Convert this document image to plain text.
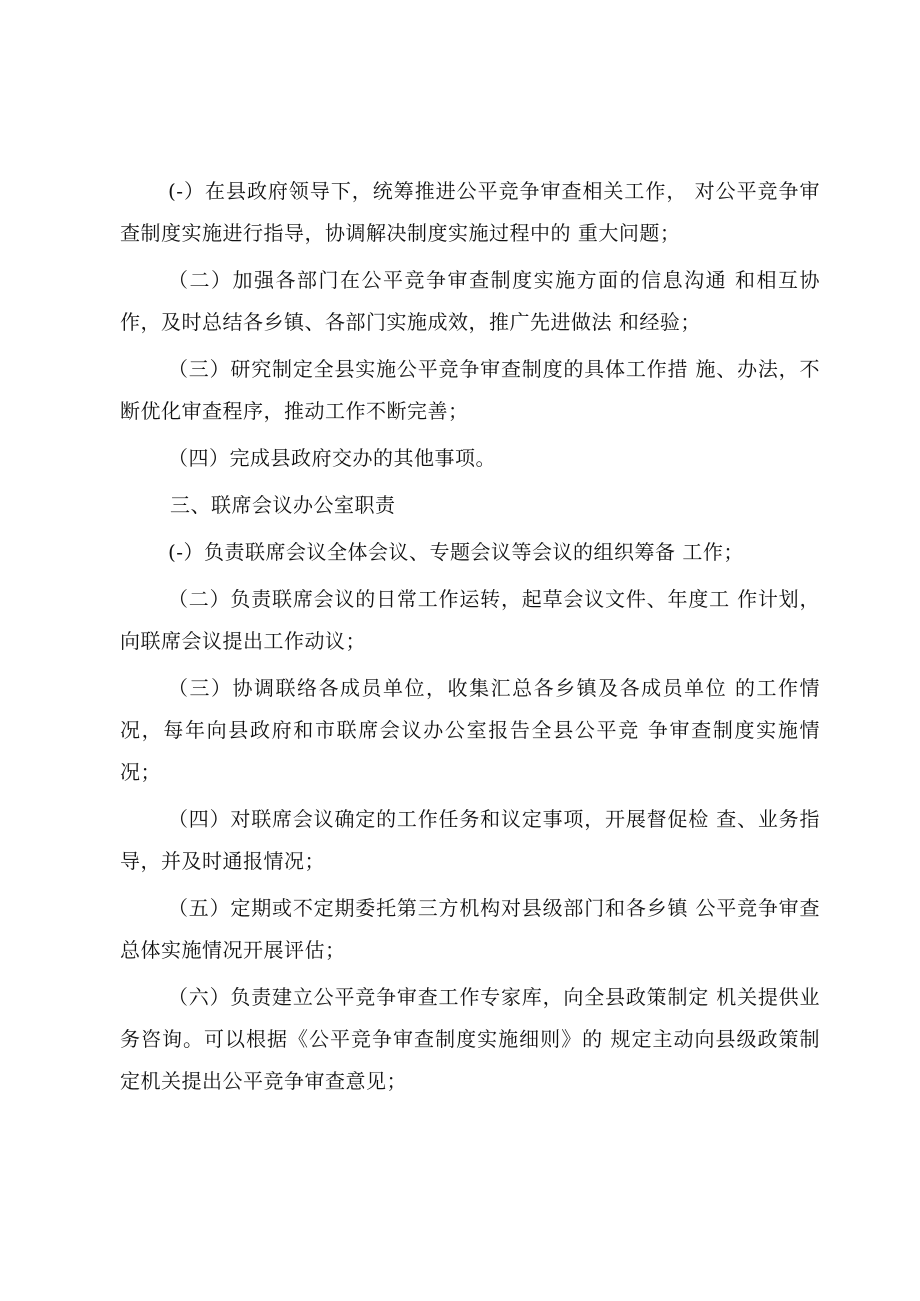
(-）在县政府领导下，统筹推进公平竞争审查相关工作， 对公平竞争审查制度实施进行指导，协调解决制度实施过程中的 重大问题；

（二）加强各部门在公平竞争审查制度实施方面的信息沟通 和相互协作，及时总结各乡镇、各部门实施成效，推广先进做法 和经验；

（三）研究制定全县实施公平竞争审查制度的具体工作措 施、办法，不断优化审查程序，推动工作不断完善；

（四）完成县政府交办的其他事项。

三、联席会议办公室职责

(-）负责联席会议全体会议、专题会议等会议的组织筹备 工作；

（二）负责联席会议的日常工作运转，起草会议文件、年度工 作计划，向联席会议提出工作动议；

（三）协调联络各成员单位，收集汇总各乡镇及各成员单位 的工作情况，每年向县政府和市联席会议办公室报告全县公平竞 争审查制度实施情况；

（四）对联席会议确定的工作任务和议定事项，开展督促检 查、业务指导，并及时通报情况；

（五）定期或不定期委托第三方机构对县级部门和各乡镇 公平竞争审查总体实施情况开展评估；

（六）负责建立公平竞争审查工作专家库，向全县政策制定 机关提供业务咨询。可以根据《公平竞争审查制度实施细则》的 规定主动向县级政策制定机关提出公平竞争审查意见；
